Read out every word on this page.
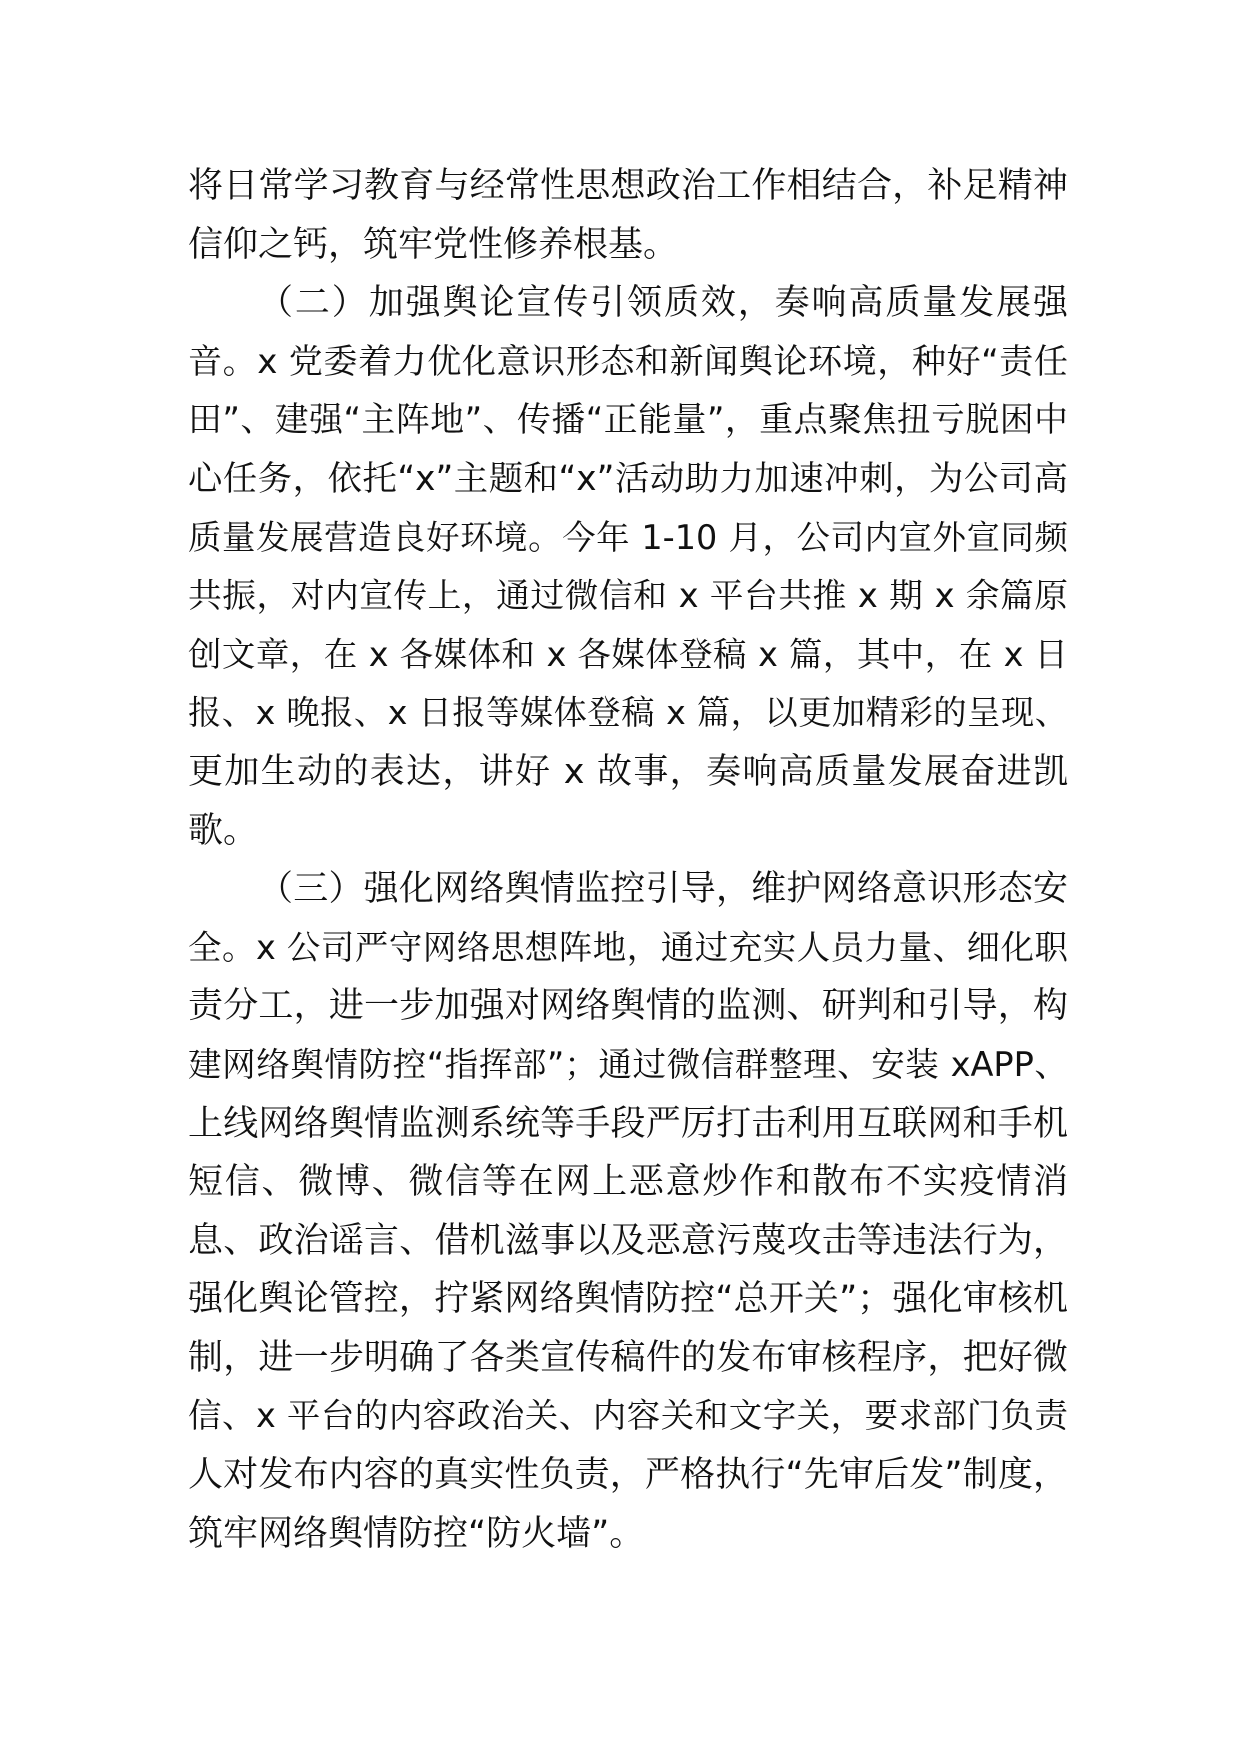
将日常学习教育与经常性思想政治工作相结合，补足精神
信仰之钙，筑牢党性修养根基。
（二）加强舆论宣传引领质效，奏响高质量发展强
音。x 党委着力优化意识形态和新闻舆论环境，种好“责任
田”、建强“主阵地”、传播“正能量”，重点聚焦扭亏脱困中
心任务，依托“x”主题和“x”活动助力加速冲刺，为公司高
质量发展营造良好环境。今年 1-10 月，公司内宣外宣同频
共振，对内宣传上，通过微信和 x 平台共推 x 期 x 余篇原
创文章，在 x 各媒体和 x 各媒体登稿 x 篇，其中，在 x 日
报、x 晚报、x 日报等媒体登稿 x 篇，以更加精彩的呈现、
更加生动的表达，讲好 x 故事，奏响高质量发展奋进凯
歌。
（三）强化网络舆情监控引导，维护网络意识形态安
全。x 公司严守网络思想阵地，通过充实人员力量、细化职
责分工，进一步加强对网络舆情的监测、研判和引导，构
建网络舆情防控“指挥部”；通过微信群整理、安装 xAPP、
上线网络舆情监测系统等手段严厉打击利用互联网和手机
短信、微博、微信等在网上恶意炒作和散布不实疫情消
息、政治谣言、借机滋事以及恶意污蔑攻击等违法行为，
强化舆论管控，拧紧网络舆情防控“总开关”；强化审核机
制，进一步明确了各类宣传稿件的发布审核程序，把好微
信、x 平台的内容政治关、内容关和文字关，要求部门负责
人对发布内容的真实性负责，严格执行“先审后发”制度，
筑牢网络舆情防控“防火墙”。
